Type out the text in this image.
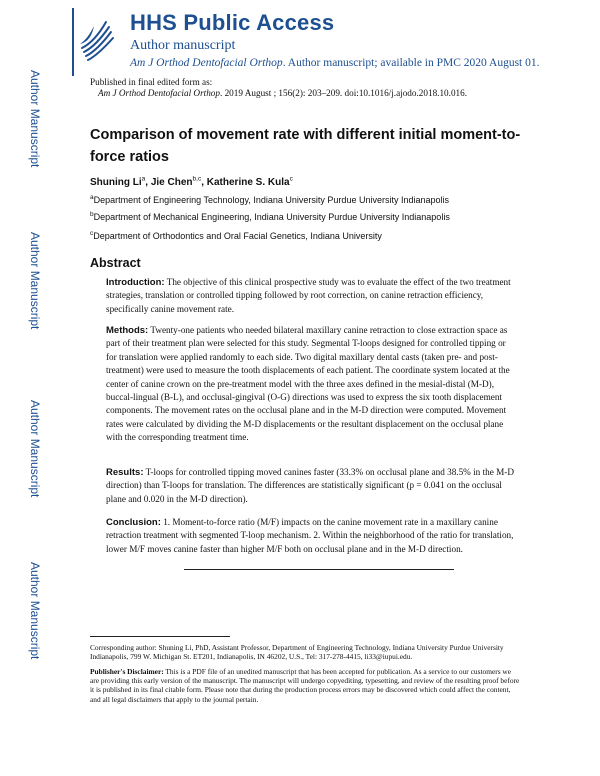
Author Manuscript
Author Manuscript
Author Manuscript
Author Manuscript
HHS Public Access
Author manuscript
Am J Orthod Dentofacial Orthop. Author manuscript; available in PMC 2020 August 01.
Published in final edited form as:
Am J Orthod Dentofacial Orthop. 2019 August ; 156(2): 203–209. doi:10.1016/j.ajodo.2018.10.016.
Comparison of movement rate with different initial moment-to-force ratios
Shuning Li$^a$, Jie Chen$^{b,c}$, Katherine S. Kula$^c$
$^a$Department of Engineering Technology, Indiana University Purdue University Indianapolis
$^b$Department of Mechanical Engineering, Indiana University Purdue University Indianapolis
$^c$Department of Orthodontics and Oral Facial Genetics, Indiana University
Abstract
Introduction: The objective of this clinical prospective study was to evaluate the effect of the two treatment strategies, translation or controlled tipping followed by root correction, on canine retraction efficiency, specifically canine movement rate.
Methods: Twenty-one patients who needed bilateral maxillary canine retraction to close extraction space as part of their treatment plan were selected for this study. Segmental T-loops designed for controlled tipping or for translation were applied randomly to each side. Two digital maxillary dental casts (taken pre- and post-treatment) were used to measure the tooth displacements of each patient. The coordinate system located at the center of canine crown on the pre-treatment model with the three axes defined in the mesial-distal (M-D), buccal-lingual (B-L), and occlusal-gingival (O-G) directions was used to express the six tooth displacement components. The movement rates on the occlusal plane and in the M-D direction were computed. Movement rates were calculated by dividing the M-D displacements or the resultant displacement on the occlusal plane with the corresponding treatment time.
Results: T-loops for controlled tipping moved canines faster (33.3% on occlusal plane and 38.5% in the M-D direction) than T-loops for translation. The differences are statistically significant (p = 0.041 on the occlusal plane and 0.020 in the M-D direction).
Conclusion: 1. Moment-to-force ratio (M/F) impacts on the canine movement rate in a maxillary canine retraction treatment with segmented T-loop mechanism. 2. Within the neighborhood of the ratio for translation, lower M/F moves canine faster than higher M/F both on occlusal plane and in the M-D direction.
Corresponding author: Shuning Li, PhD, Assistant Professor, Department of Engineering Technology, Indiana University Purdue University Indianapolis, 799 W. Michigan St. ET201, Indianapolis, IN 46202, U.S., Tel: 317-278-4415, li33@iupui.edu.
Publisher's Disclaimer: This is a PDF file of an unedited manuscript that has been accepted for publication. As a service to our customers we are providing this early version of the manuscript. The manuscript will undergo copyediting, typesetting, and review of the resulting proof before it is published in its final citable form. Please note that during the production process errors may be discovered which could affect the content, and all legal disclaimers that apply to the journal pertain.
